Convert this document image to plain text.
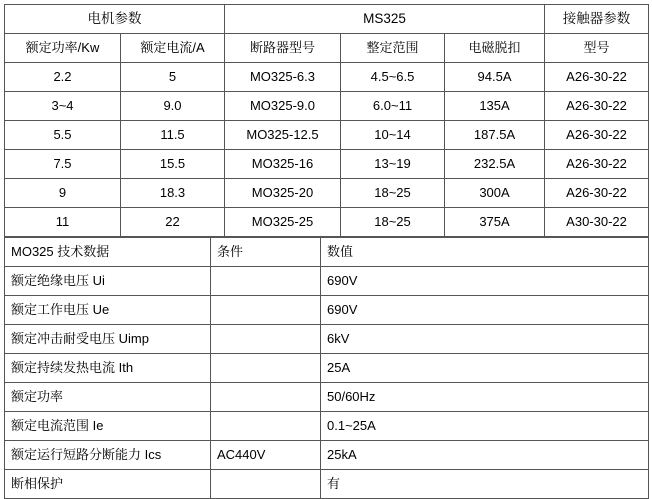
电机参数		MS325			接触器参数
额定功率/Kw	额定电流/A	断路器型号	整定范围	电磁脱扣	型号
2.2	5	MO325-6.3	4.5~6.5	94.5A	A26-30-22
3~4	9.0	MO325-9.0	6.0~11	135A	A26-30-22
5.5	11.5	MO325-12.5	10~14	187.5A	A26-30-22
7.5	15.5	MO325-16	13~19	232.5A	A26-30-22
9	18.3	MO325-20	18~25	300A	A26-30-22
11	22	MO325-25	18~25	375A	A30-30-22
MO325 技术数据	条件	数值
额定绝缘电压 Ui		690V
额定工作电压 Ue		690V
额定冲击耐受电压 Uimp		6kV
额定持续发热电流 Ith		25A
额定功率		50/60Hz
额定电流范围 Ie		0.1~25A
额定运行短路分断能力 Ics	AC440V	25kA
断相保护		有
